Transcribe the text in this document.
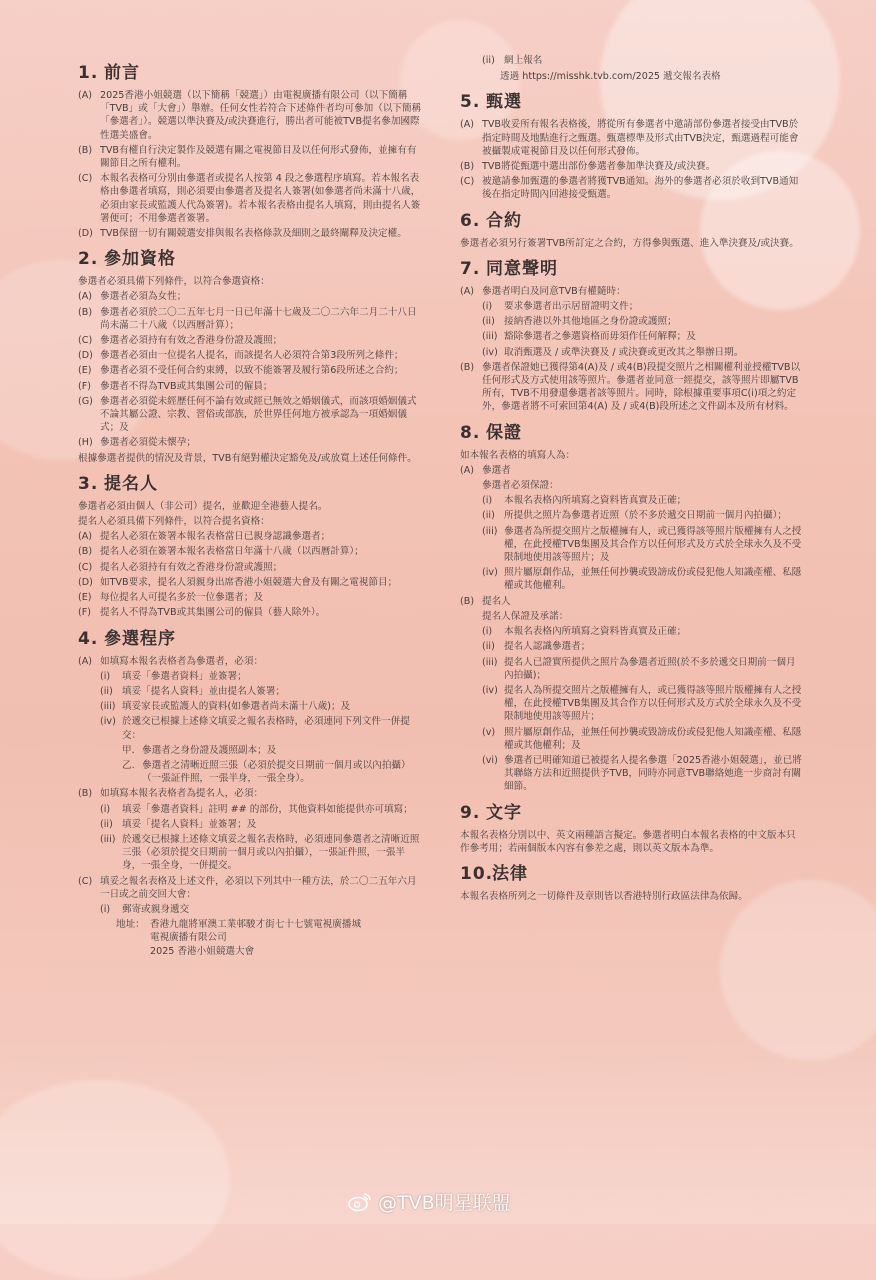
1. 前言
(A) 2025香港小姐競選（以下簡稱「競選」）由電視廣播有限公司（以下簡稱「TVB」或「大會」）舉辦。任何女性若符合下述條件者均可參加（以下簡稱「參選者」）。競選以準決賽及/或決賽進行，勝出者可能被TVB提名參加國際性選美盛會。
(B) TVB有權自行決定製作及競選有關之電視節目及以任何形式發佈，並擁有有關節目之所有權利。
(C) 本報名表格可分別由參選者或提名人按第 4 段之參選程序填寫。若本報名表格由參選者填寫，則必須要由參選者及提名人簽署(如參選者尚未滿十八歲，必須由家長或監護人代為簽署)。若本報名表格由提名人填寫，則由提名人簽署便可；不用參選者簽署。
(D) TVB保留一切有關競選安排與報名表格條款及細則之最終闡釋及決定權。
2. 參加資格

參選者必須具備下列條件，以符合參選資格：

(A) 參選者必須為女性；
(B) 參選者必須於二〇二五年七月一日已年滿十七歲及二〇二六年二月二十八日尚未滿二十八歲（以西曆計算）；
(C) 參選者必須持有有效之香港身份證及護照；
(D) 參選者必須由一位提名人提名，而該提名人必須符合第3段所列之條件；
(E) 參選者必須不受任何合約束縛，以致不能簽署及履行第6段所述之合約；
(F) 參選者不得為TVB或其集團公司的僱員；
(G) 參選者必須從未經歷任何不論有效或經已無效之婚姻儀式，而該項婚姻儀式不論其屬公證、宗教、習俗或部族，於世界任何地方被承認為一項婚姻儀式；及
(H) 參選者必須從未懷孕；

根據參選者提供的情況及背景，TVB有絕對權決定豁免及/或放寬上述任何條件。

3. 提名人

參選者必須由個人（非公司）提名，並歡迎全港藝人提名。

提名人必須具備下列條件，以符合提名資格：

(A) 提名人必須在簽署本報名表格當日已親身認識參選者；
(B) 提名人必須在簽署本報名表格當日年滿十八歲（以西曆計算）；
(C) 提名人必須持有有效之香港身份證或護照；
(D) 如TVB要求，提名人須親身出席香港小姐競選大會及有關之電視節目；
(E) 每位提名人可提名多於一位參選者；及
(F) 提名人不得為TVB或其集團公司的僱員（藝人除外）。
4. 參選程序
(A) 如填寫本報名表格者為參選者，必須：
(i)	填妥「參選者資料」並簽署；
(ii) 填妥「提名人資料」並由提名人簽署；
(iii) 填妥家長或監護人的資料(如參選者尚未滿十八歲)；及
(iv) 於遞交已根據上述條文填妥之報名表格時，必須連同下列文件一併提交：
甲. 參選者之身份證及護照副本；及
乙. 參選者之清晰近照三張（必須於提交日期前一個月或以內拍攝）（一張証件照，一張半身，一張全身）。
(B) 如填寫本報名表格者為提名人，必須：
(i)	填妥「參選者資料」註明 ## 的部份，其他資料如能提供亦可填寫；
(ii) 填妥「提名人資料」並簽署；及
(iii) 於遞交已根據上述條文填妥之報名表格時，必須連同參選者之清晰近照三張（必須於提交日期前一個月或以內拍攝），一張証件照，一張半身，一張全身，一併提交。
(C) 填妥之報名表格及上述文件，必須以下列其中一種方法，於二〇二五年六月一日或之前交回大會：
(i)	郵寄或親身遞交
地址： 香港九龍將軍澳工業邨駿才街七十七號電視廣播城
電視廣播有限公司
2025 香港小姐競選大會
(ii) 網上報名
透過 https://misshk.tvb.com/2025 遞交報名表格
5. 甄選
(A) TVB收妥所有報名表格後，將從所有參選者中邀請部份參選者接受由TVB於指定時間及地點進行之甄選。甄選標準及形式由TVB決定，甄選過程可能會被攝製成電視節目及以任何形式發佈。
(B) TVB將從甄選中選出部份參選者參加準決賽及/或決賽。
(C) 被邀請參加甄選的參選者將獲TVB通知。海外的參選者必須於收到TVB通知後在指定時間內回港接受甄選。
6. 合約

參選者必須另行簽署TVB所訂定之合約，方得參與甄選、進入準決賽及/或決賽。

7. 同意聲明
(A) 參選者明白及同意TVB有權隨時：
(i)	要求參選者出示居留證明文件；
(ii) 接納香港以外其他地區之身份證或護照；
(iii) 豁除參選者之參選資格而毋須作任何解釋；及
(iv) 取消甄選及 / 或準決賽及 / 或決賽或更改其之舉辦日期。
(B) 參選者保證她已獲得第4(A)及 / 或4(B)段提交照片之相關權利並授權TVB以任何形式及方式使用該等照片。參選者並同意一經提交，該等照片即屬TVB所有，TVB不用發還參選者該等照片。同時，除根據重要事項C(i)項之約定外，參選者將不可索回第4(A) 及 / 或4(B)段所述之文件副本及所有材料。
8. 保證

如本報名表格的填寫人為：

(A) 參選者
參選者必須保證：
(i)	本報名表格內所填寫之資料皆真實及正確；
(ii) 所提供之照片為參選者近照（於不多於遞交日期前一個月內拍攝）；
(iii) 參選者為所提交照片之版權擁有人，或已獲得該等照片版權擁有人之授權，在此授權TVB集團及其合作方以任何形式及方式於全球永久及不受限制地使用該等照片；及
(iv) 照片屬原創作品，並無任何抄襲或毀謗成份或侵犯他人知識產權、私隱權或其他權利。
(B) 提名人
提名人保證及承諾：
(i)	本報名表格內所填寫之資料皆真實及正確；
(ii) 提名人認識參選者；
(iii) 提名人已證實所提供之照片為參選者近照(於不多於遞交日期前一個月內拍攝)；
(iv) 提名人為所提交照片之版權擁有人，或已獲得該等照片版權擁有人之授權，在此授權TVB集團及其合作方以任何形式及方式於全球永久及不受限制地使用該等照片；
(v) 照片屬原創作品，並無任何抄襲或毀謗成份或侵犯他人知識產權、私隱權或其他權利；及
(vi) 參選者已明確知道已被提名人提名參選「2025香港小姐競選」，並已將其聯絡方法和近照提供予TVB，同時亦同意TVB聯絡她進一步商討有關細節。
9. 文字

本報名表格分別以中、英文兩種語言擬定。參選者明白本報名表格的中文版本只作參考用；若兩個版本內容有參差之處，則以英文版本為準。

10.法律

本報名表格所列之一切條件及章則皆以香港特別行政區法律為依歸。

@TVB明星联盟
